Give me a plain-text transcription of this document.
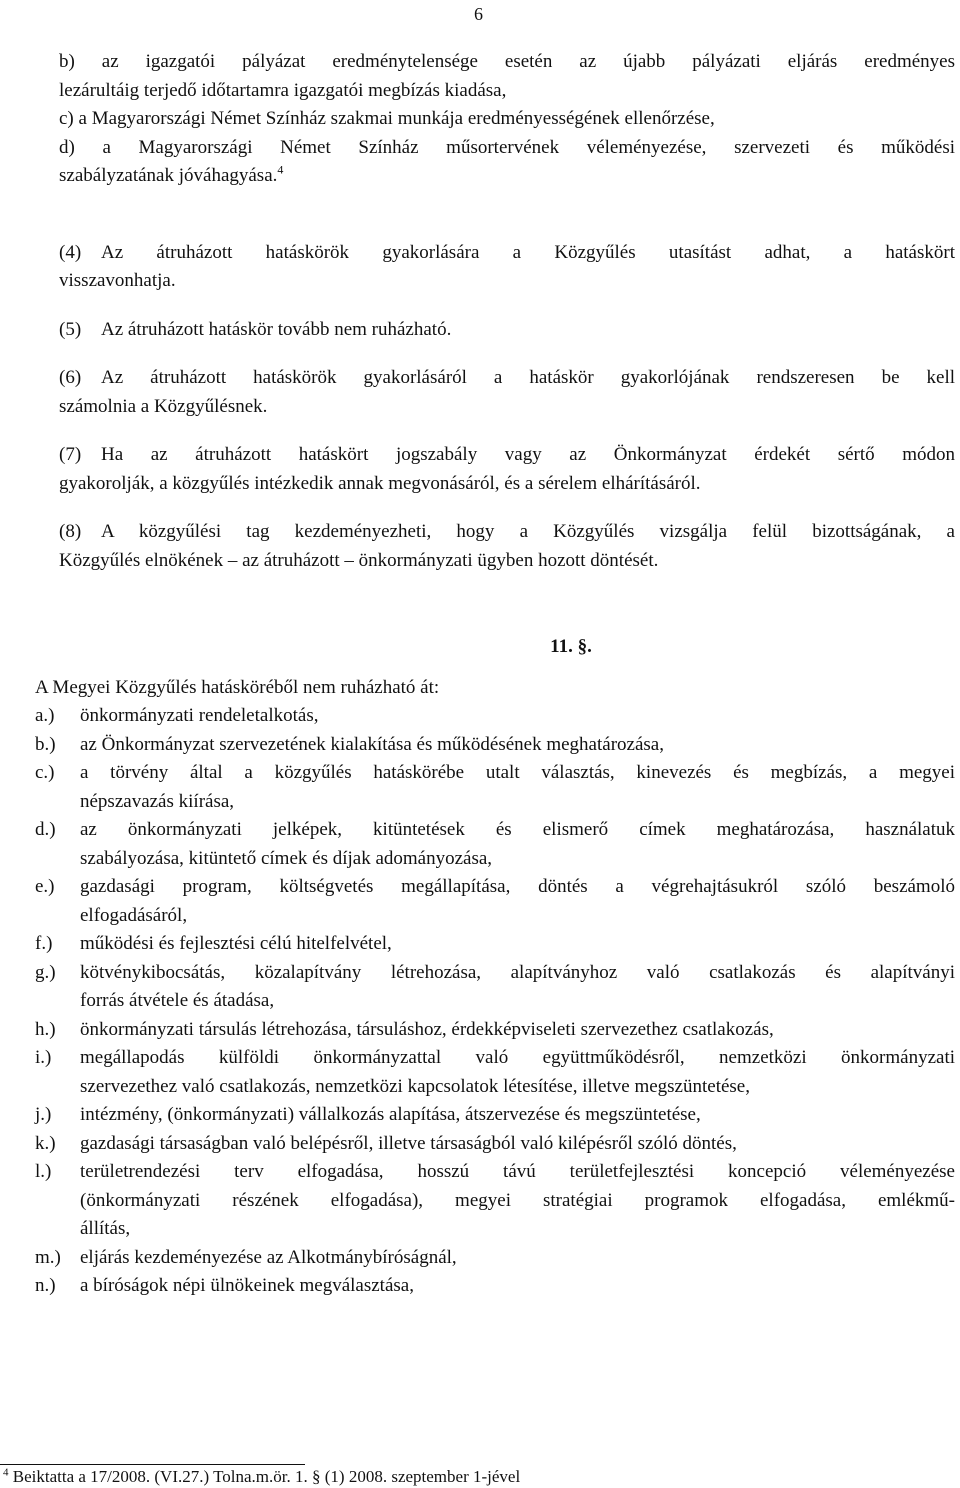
6
b) az igazgatói pályázat eredménytelensége esetén az újabb pályázati eljárás eredményes
lezárultáig terjedő időtartamra igazgatói megbízás kiadása,
c) a Magyarországi Német Színház szakmai munkája eredményességének ellenőrzése,
d) a Magyarországi Német Színház műsortervének véleményezése, szervezeti és működési
szabályzatának jóváhagyása.$^4$
(4) Az átruházott hatáskörök gyakorlására a Közgyűlés utasítást adhat, a hatáskört
visszavonhatja.
(5) Az átruházott hatáskör tovább nem ruházható.
(6) Az átruházott hatáskörök gyakorlásáról a hatáskör gyakorlójának rendszeresen be kell
számolnia a Közgyűlésnek.
(7) Ha az átruházott hatáskört jogszabály vagy az Önkormányzat érdekét sértő módon
gyakorolják, a közgyűlés intézkedik annak megvonásáról, és a sérelem elhárításáról.
(8) A közgyűlési tag kezdeményezheti, hogy a Közgyűlés vizsgálja felül bizottságának, a
Közgyűlés elnökének – az átruházott – önkormányzati ügyben hozott döntését.
11. §.
A Megyei Közgyűlés hatásköréből nem ruházható át:
a.) önkormányzati rendeletalkotás,
b.) az Önkormányzat szervezetének kialakítása és működésének meghatározása,
c.) a törvény által a közgyűlés hatáskörébe utalt választás, kinevezés és megbízás, a megyei
népszavazás kiírása,
d.) az önkormányzati jelképek, kitüntetések és elismerő címek meghatározása, használatuk
szabályozása, kitüntető címek és díjak adományozása,
e.) gazdasági program, költségvetés megállapítása, döntés a végrehajtásukról szóló beszámoló
elfogadásáról,
f.) működési és fejlesztési célú hitelfelvétel,
g.) kötvénykibocsátás, közalapítvány létrehozása, alapítványhoz való csatlakozás és alapítványi
forrás átvétele és átadása,
h.) önkormányzati társulás létrehozása, társuláshoz, érdekképviseleti szervezethez csatlakozás,
i.) megállapodás külföldi önkormányzattal való együttműködésről, nemzetközi önkormányzati
szervezethez való csatlakozás, nemzetközi kapcsolatok létesítése, illetve megszüntetése,
j.) intézmény, (önkormányzati) vállalkozás alapítása, átszervezése és megszüntetése,
k.) gazdasági társaságban való belépésről, illetve társaságból való kilépésről szóló döntés,
l.) területrendezési terv elfogadása, hosszú távú területfejlesztési koncepció véleményezése
(önkormányzati részének elfogadása), megyei stratégiai programok elfogadása, emlékmű-
állítás,
m.) eljárás kezdeményezése az Alkotmánybíróságnál,
n.) a bíróságok népi ülnökeinek megválasztása,
$^4$ Beiktatta a 17/2008. (VI.27.) Tolna.m.ör. 1. § (1) 2008. szeptember 1-jével
